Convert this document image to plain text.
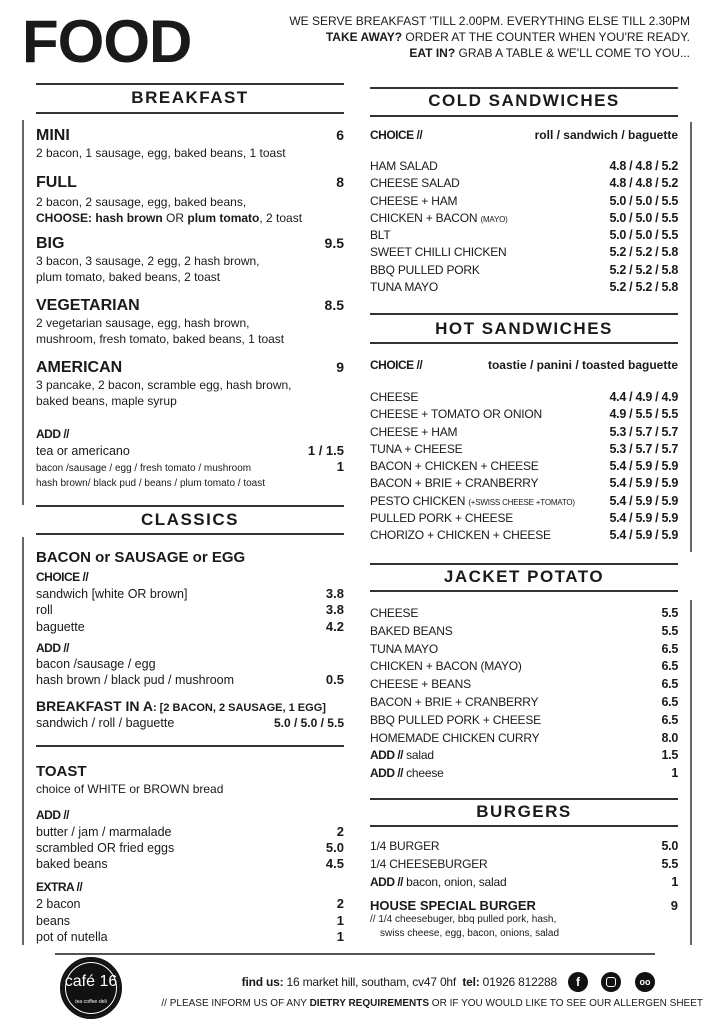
FOOD	WE SERVE BREAKFAST 'TILL 2.00PM. EVERYTHING ELSE TILL 2.30PM
TAKE AWAY? ORDER AT THE COUNTER WHEN YOU'RE READY.
EAT IN? GRAB A TABLE & WE'LL COME TO YOU...
BREAKFAST
MINI	6
2 bacon, 1 sausage, egg, baked beans, 1 toast
FULL	8
2 bacon, 2 sausage, egg, baked beans,
CHOOSE: hash brown OR plum tomato, 2 toast
BIG	9.5
3 bacon, 3 sausage, 2 egg, 2 hash brown,
plum tomato, baked beans, 2 toast
VEGETARIAN	8.5
2 vegetarian sausage, egg, hash brown,
mushroom, fresh tomato, baked beans, 1 toast
AMERICAN	9
3 pancake, 2 bacon, scramble egg, hash brown,
baked beans, maple syrup
ADD //
tea or americano	1 / 1.5
bacon /sausage / egg / fresh tomato / mushroom	1
hash brown/ black pud / beans / plum tomato / toast
CLASSICS
BACON or SAUSAGE or EGG
CHOICE //
sandwich [white OR brown]	3.8
roll	3.8
baguette	4.2
ADD //
bacon /sausage / egg
hash brown / black pud / mushroom	0.5
BREAKFAST IN A: [2 BACON, 2 SAUSAGE, 1 EGG]
sandwich / roll / baguette	5.0 / 5.0 / 5.5
TOAST
choice of WHITE or BROWN bread
ADD //
butter / jam / marmalade	2
scrambled OR fried eggs	5.0
baked beans	4.5
EXTRA //
2 bacon	2
beans	1
pot of nutella	1
COLD SANDWICHES
CHOICE //	roll / sandwich / baguette
HAM SALAD	4.8 / 4.8 / 5.2
CHEESE SALAD	4.8 / 4.8 / 5.2
CHEESE + HAM	5.0 / 5.0 / 5.5
CHICKEN + BACON (MAYO)	5.0 / 5.0 / 5.5
BLT	5.0 / 5.0 / 5.5
SWEET CHILLI CHICKEN	5.2 / 5.2 / 5.8
BBQ PULLED PORK	5.2 / 5.2 / 5.8
TUNA MAYO	5.2 / 5.2 / 5.8
HOT SANDWICHES
CHOICE //	toastie / panini / toasted baguette
CHEESE	4.4 / 4.9 / 4.9
CHEESE + TOMATO OR ONION	4.9 / 5.5 / 5.5
CHEESE + HAM	5.3 / 5.7 / 5.7
TUNA + CHEESE	5.3 / 5.7 / 5.7
BACON + CHICKEN + CHEESE	5.4 / 5.9 / 5.9
BACON + BRIE + CRANBERRY	5.4 / 5.9 / 5.9
PESTO CHICKEN (+SWISS CHEESE +TOMATO)	5.4 / 5.9 / 5.9
PULLED PORK + CHEESE	5.4 / 5.9 / 5.9
CHORIZO + CHICKEN + CHEESE	5.4 / 5.9 / 5.9
JACKET POTATO
CHEESE	5.5
BAKED BEANS	5.5
TUNA MAYO	6.5
CHICKEN + BACON (MAYO)	6.5
CHEESE + BEANS	6.5
BACON + BRIE + CRANBERRY	6.5
BBQ PULLED PORK + CHEESE	6.5
HOMEMADE CHICKEN CURRY	8.0
ADD // salad	1.5
ADD // cheese	1
BURGERS
1/4 BURGER	5.0
1/4 CHEESEBURGER	5.5
ADD // bacon, onion, salad	1
HOUSE SPECIAL BURGER	9
// 1/4 cheesebuger, bbq pulled pork, hash,
swiss cheese, egg, bacon, onions, salad
café 16
tea·coffee·deli
find us: 16 market hill, southam, cv47 0hf tel: 01926 812288	f	oo
// PLEASE INFORM US OF ANY DIETRY REQUIREMENTS OR IF YOU WOULD LIKE TO SEE OUR ALLERGEN SHEET
